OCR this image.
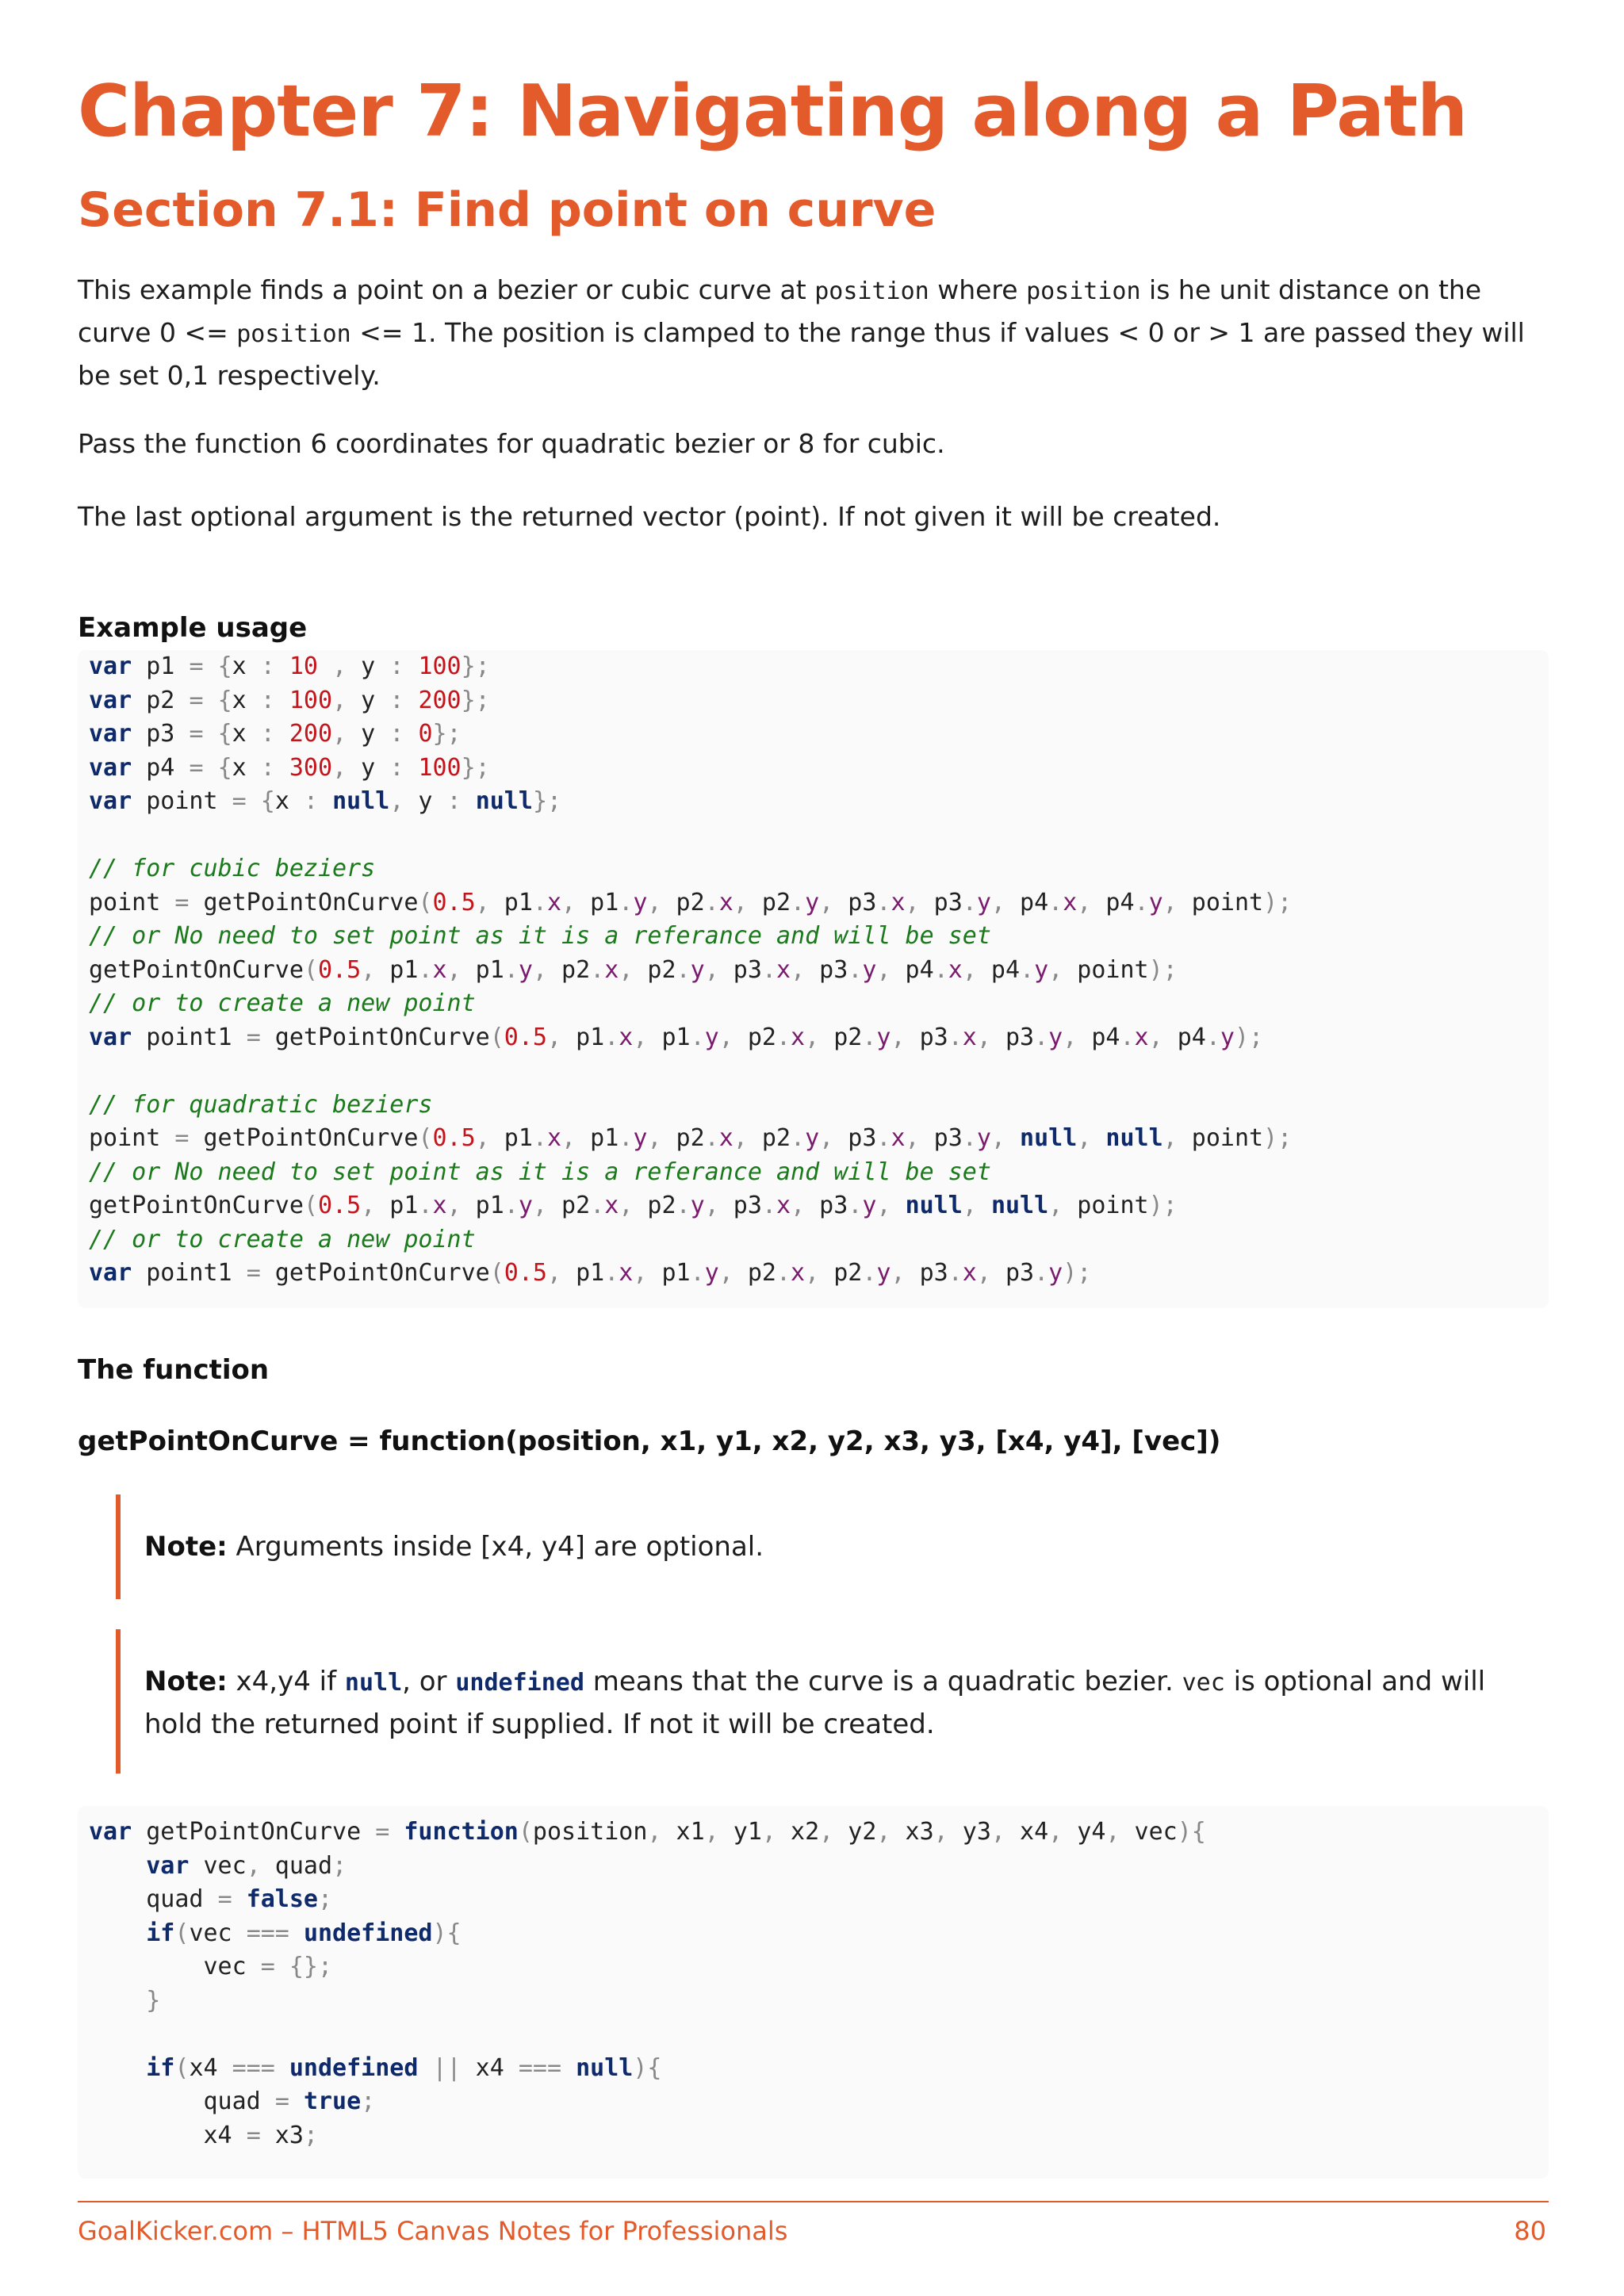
Chapter 7: Navigating along a Path
Section 7.1: Find point on curve
This example finds a point on a bezier or cubic curve at position where position is he unit distance on the curve 0 <= position <= 1. The position is clamped to the range thus if values < 0 or > 1 are passed they will be set 0,1 respectively.
Pass the function 6 coordinates for quadratic bezier or 8 for cubic.
The last optional argument is the returned vector (point). If not given it will be created.
Example usage
var p1 = {x : 10 , y : 100};
var p2 = {x : 100, y : 200};
var p3 = {x : 200, y : 0};
var p4 = {x : 300, y : 100};
var point = {x : null, y : null};

// for cubic beziers
point = getPointOnCurve(0.5, p1.x, p1.y, p2.x, p2.y, p3.x, p3.y, p4.x, p4.y, point);
// or No need to set point as it is a referance and will be set
getPointOnCurve(0.5, p1.x, p1.y, p2.x, p2.y, p3.x, p3.y, p4.x, p4.y, point);
// or to create a new point
var point1 = getPointOnCurve(0.5, p1.x, p1.y, p2.x, p2.y, p3.x, p3.y, p4.x, p4.y);

// for quadratic beziers
point = getPointOnCurve(0.5, p1.x, p1.y, p2.x, p2.y, p3.x, p3.y, null, null, point);
// or No need to set point as it is a referance and will be set
getPointOnCurve(0.5, p1.x, p1.y, p2.x, p2.y, p3.x, p3.y, null, null, point);
// or to create a new point
var point1 = getPointOnCurve(0.5, p1.x, p1.y, p2.x, p2.y, p3.x, p3.y);
The function
getPointOnCurve = function(position, x1, y1, x2, y2, x3, y3, [x4, y4], [vec])
Note: Arguments inside [x4, y4] are optional.
Note: x4,y4 if null, or undefined means that the curve is a quadratic bezier. vec is optional and will hold the returned point if supplied. If not it will be created.
var getPointOnCurve = function(position, x1, y1, x2, y2, x3, y3, x4, y4, vec){
var vec, quad;
quad = false;
if(vec === undefined){
vec = {};
}

if(x4 === undefined || x4 === null){
quad = true;
x4 = x3;
GoalKicker.com – HTML5 Canvas Notes for Professionals	80
